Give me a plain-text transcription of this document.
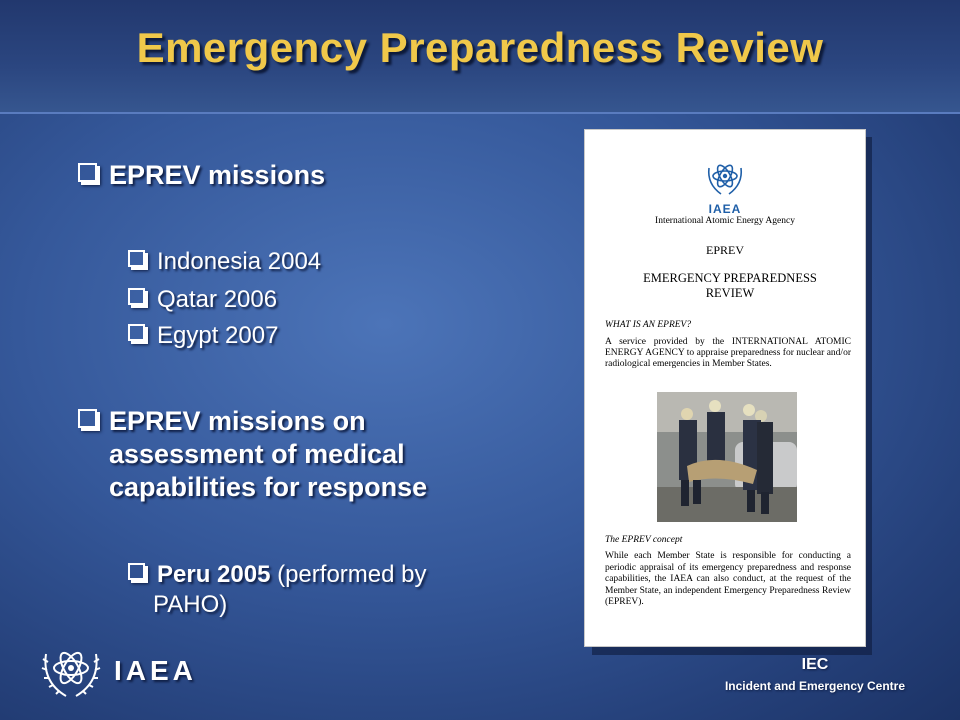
Emergency Preparedness Review
EPREV missions
Indonesia 2004
Qatar 2006
Egypt 2007
EPREV missions on
assessment of medical
capabilities for response
Peru 2005 (performed by
PAHO)
IAEA
International Atomic Energy Agency
EPREV
EMERGENCY PREPAREDNESS
REVIEW
WHAT IS AN EPREV?
A service provided by the INTERNATIONAL ATOMIC ENERGY AGENCY to appraise preparedness for nuclear and/or radiological emergencies in Member States.
The EPREV concept
While each Member State is responsible for conducting a periodic appraisal of its emergency preparedness and response capabilities, the IAEA can also conduct, at the request of the Member State, an independent Emergency Preparedness Review (EPREV).
IAEA	IEC
Incident and Emergency Centre
